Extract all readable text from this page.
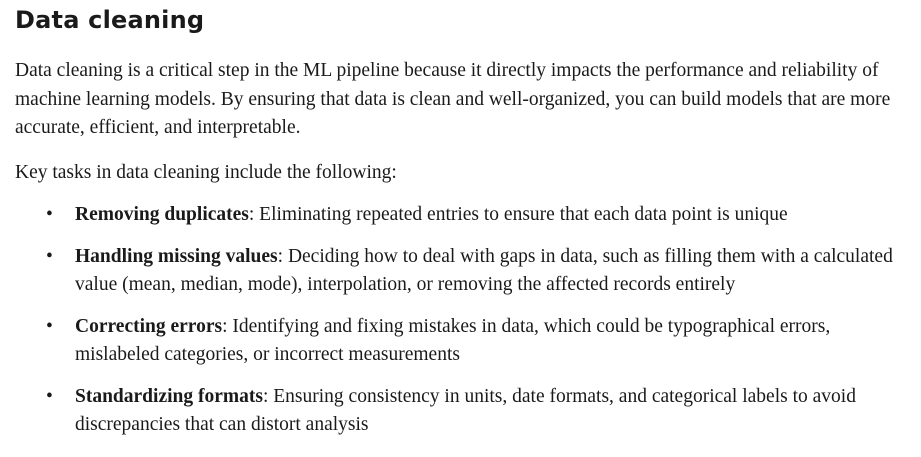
Data cleaning

Data cleaning is a critical step in the ML pipeline because it directly impacts the performance and reliability of machine learning models. By ensuring that data is clean and well-organized, you can build models that are more accurate, efficient, and interpretable.

Key tasks in data cleaning include the following:

• Removing duplicates: Eliminating repeated entries to ensure that each data point is unique
• Handling missing values: Deciding how to deal with gaps in data, such as filling them with a calculated value (mean, median, mode), interpolation, or removing the affected records entirely
• Correcting errors: Identifying and fixing mistakes in data, which could be typographical errors, mislabeled categories, or incorrect measurements
• Standardizing formats: Ensuring consistency in units, date formats, and categorical labels to avoid discrepancies that can distort analysis
